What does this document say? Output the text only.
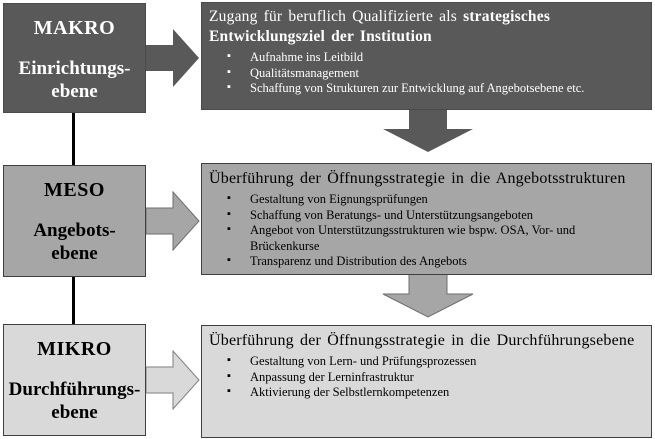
MAKRO
Einrichtungs-
ebene
MESO
Angebots-
ebene
MIKRO
Durchführungs-
ebene
Zugang für beruflich Qualifizierte als strategisches
Entwicklungsziel der Institution
▪ Aufnahme ins Leitbild
▪ Qualitätsmanagement
▪ Schaffung von Strukturen zur Entwicklung auf Angebotsebene etc.
Überführung der Öffnungsstrategie in die Angebotsstrukturen
▪ Gestaltung von Eignungsprüfungen
▪ Schaffung von Beratungs- und Unterstützungsangeboten
▪ Angebot von Unterstützungsstrukturen wie bspw. OSA, Vor- und Brückenkurse
▪ Transparenz und Distribution des Angebots
Überführung der Öffnungsstrategie in die Durchführungsebene
▪ Gestaltung von Lern- und Prüfungsprozessen
▪ Anpassung der Lerninfrastruktur
▪ Aktivierung der Selbstlernkompetenzen
